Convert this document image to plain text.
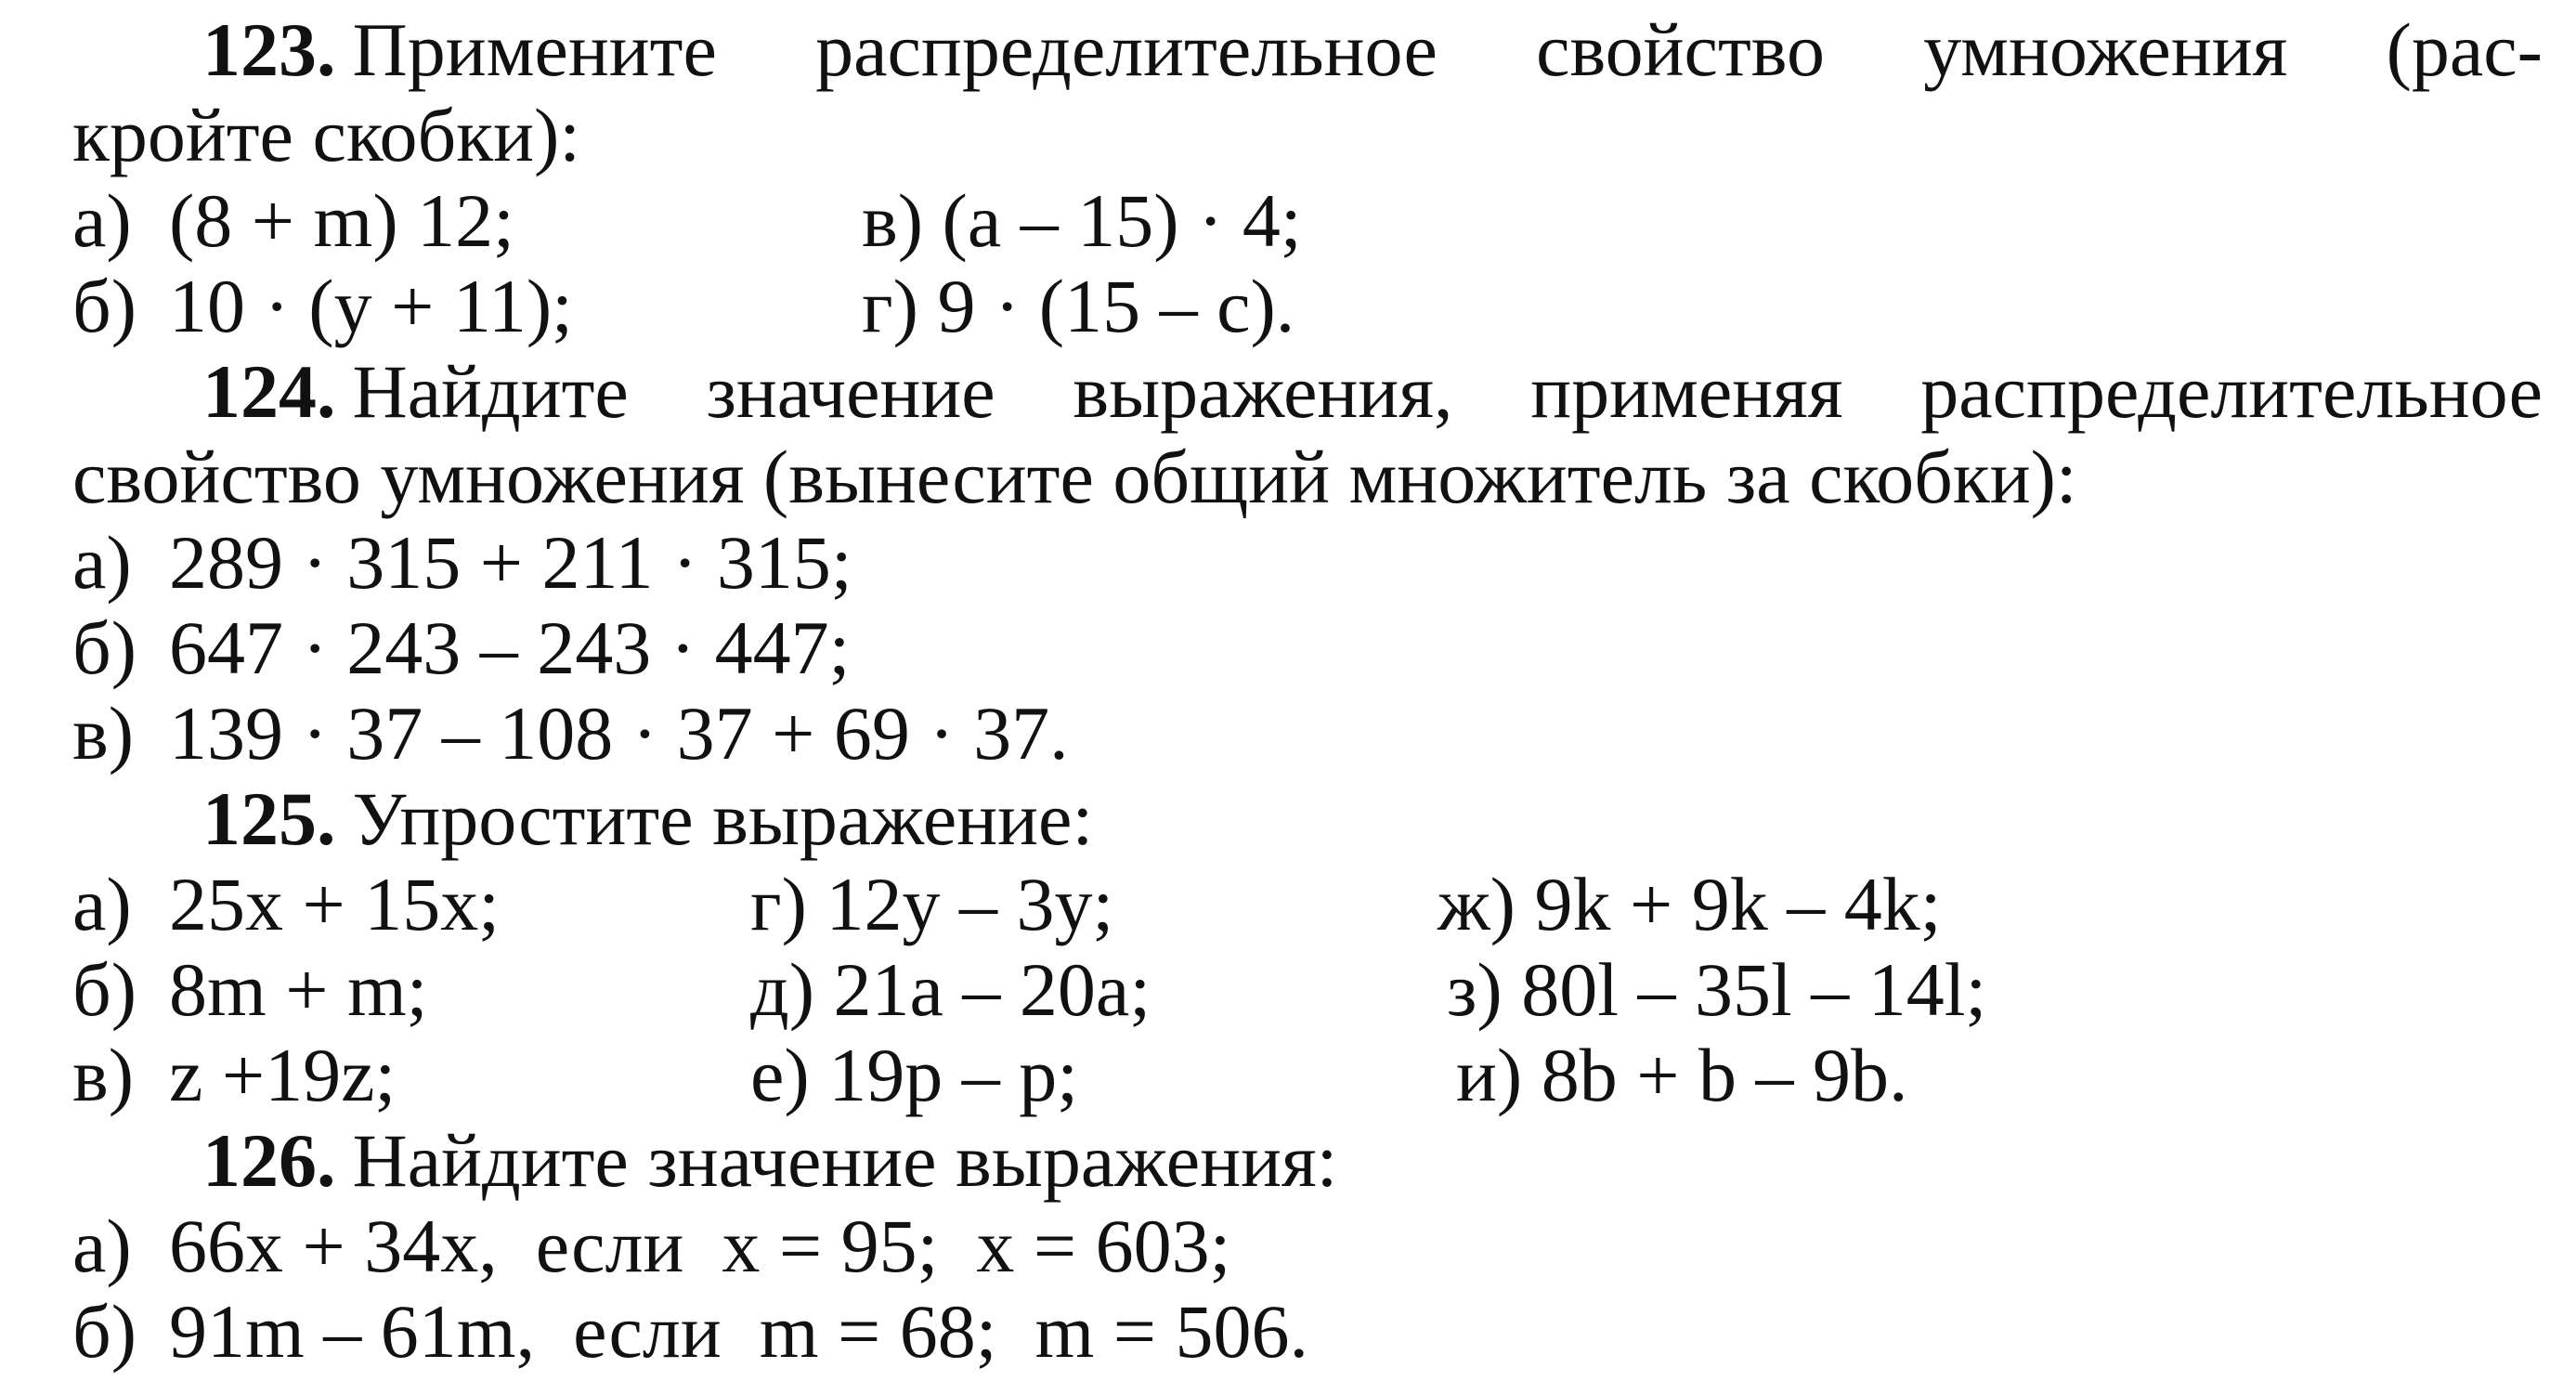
123. Примените распределительное свойство умножения (рас-
кройте скобки):
а) (8 + m) 12;	в) (a – 15) · 4;
б) 10 · (y + 11);	г) 9 · (15 – c).
124. Найдите значение выражения, применяя распределительное
свойство умножения (вынесите общий множитель за скобки):
а) 289 · 315 + 211 · 315;
б) 647 · 243 – 243 · 447;
в) 139 · 37 – 108 · 37 + 69 · 37.
125. Упростите выражение:
а) 25x + 15x;	г) 12y – 3y;	ж) 9k + 9k – 4k;
б) 8m + m;	д) 21a – 20a;	з) 80l – 35l – 14l;
в) z +19z;	е) 19p – p;	и) 8b + b – 9b.
126. Найдите значение выражения:
а) 66x + 34x,  если  x = 95;  x = 603;
б) 91m – 61m,  если  m = 68;  m = 506.
